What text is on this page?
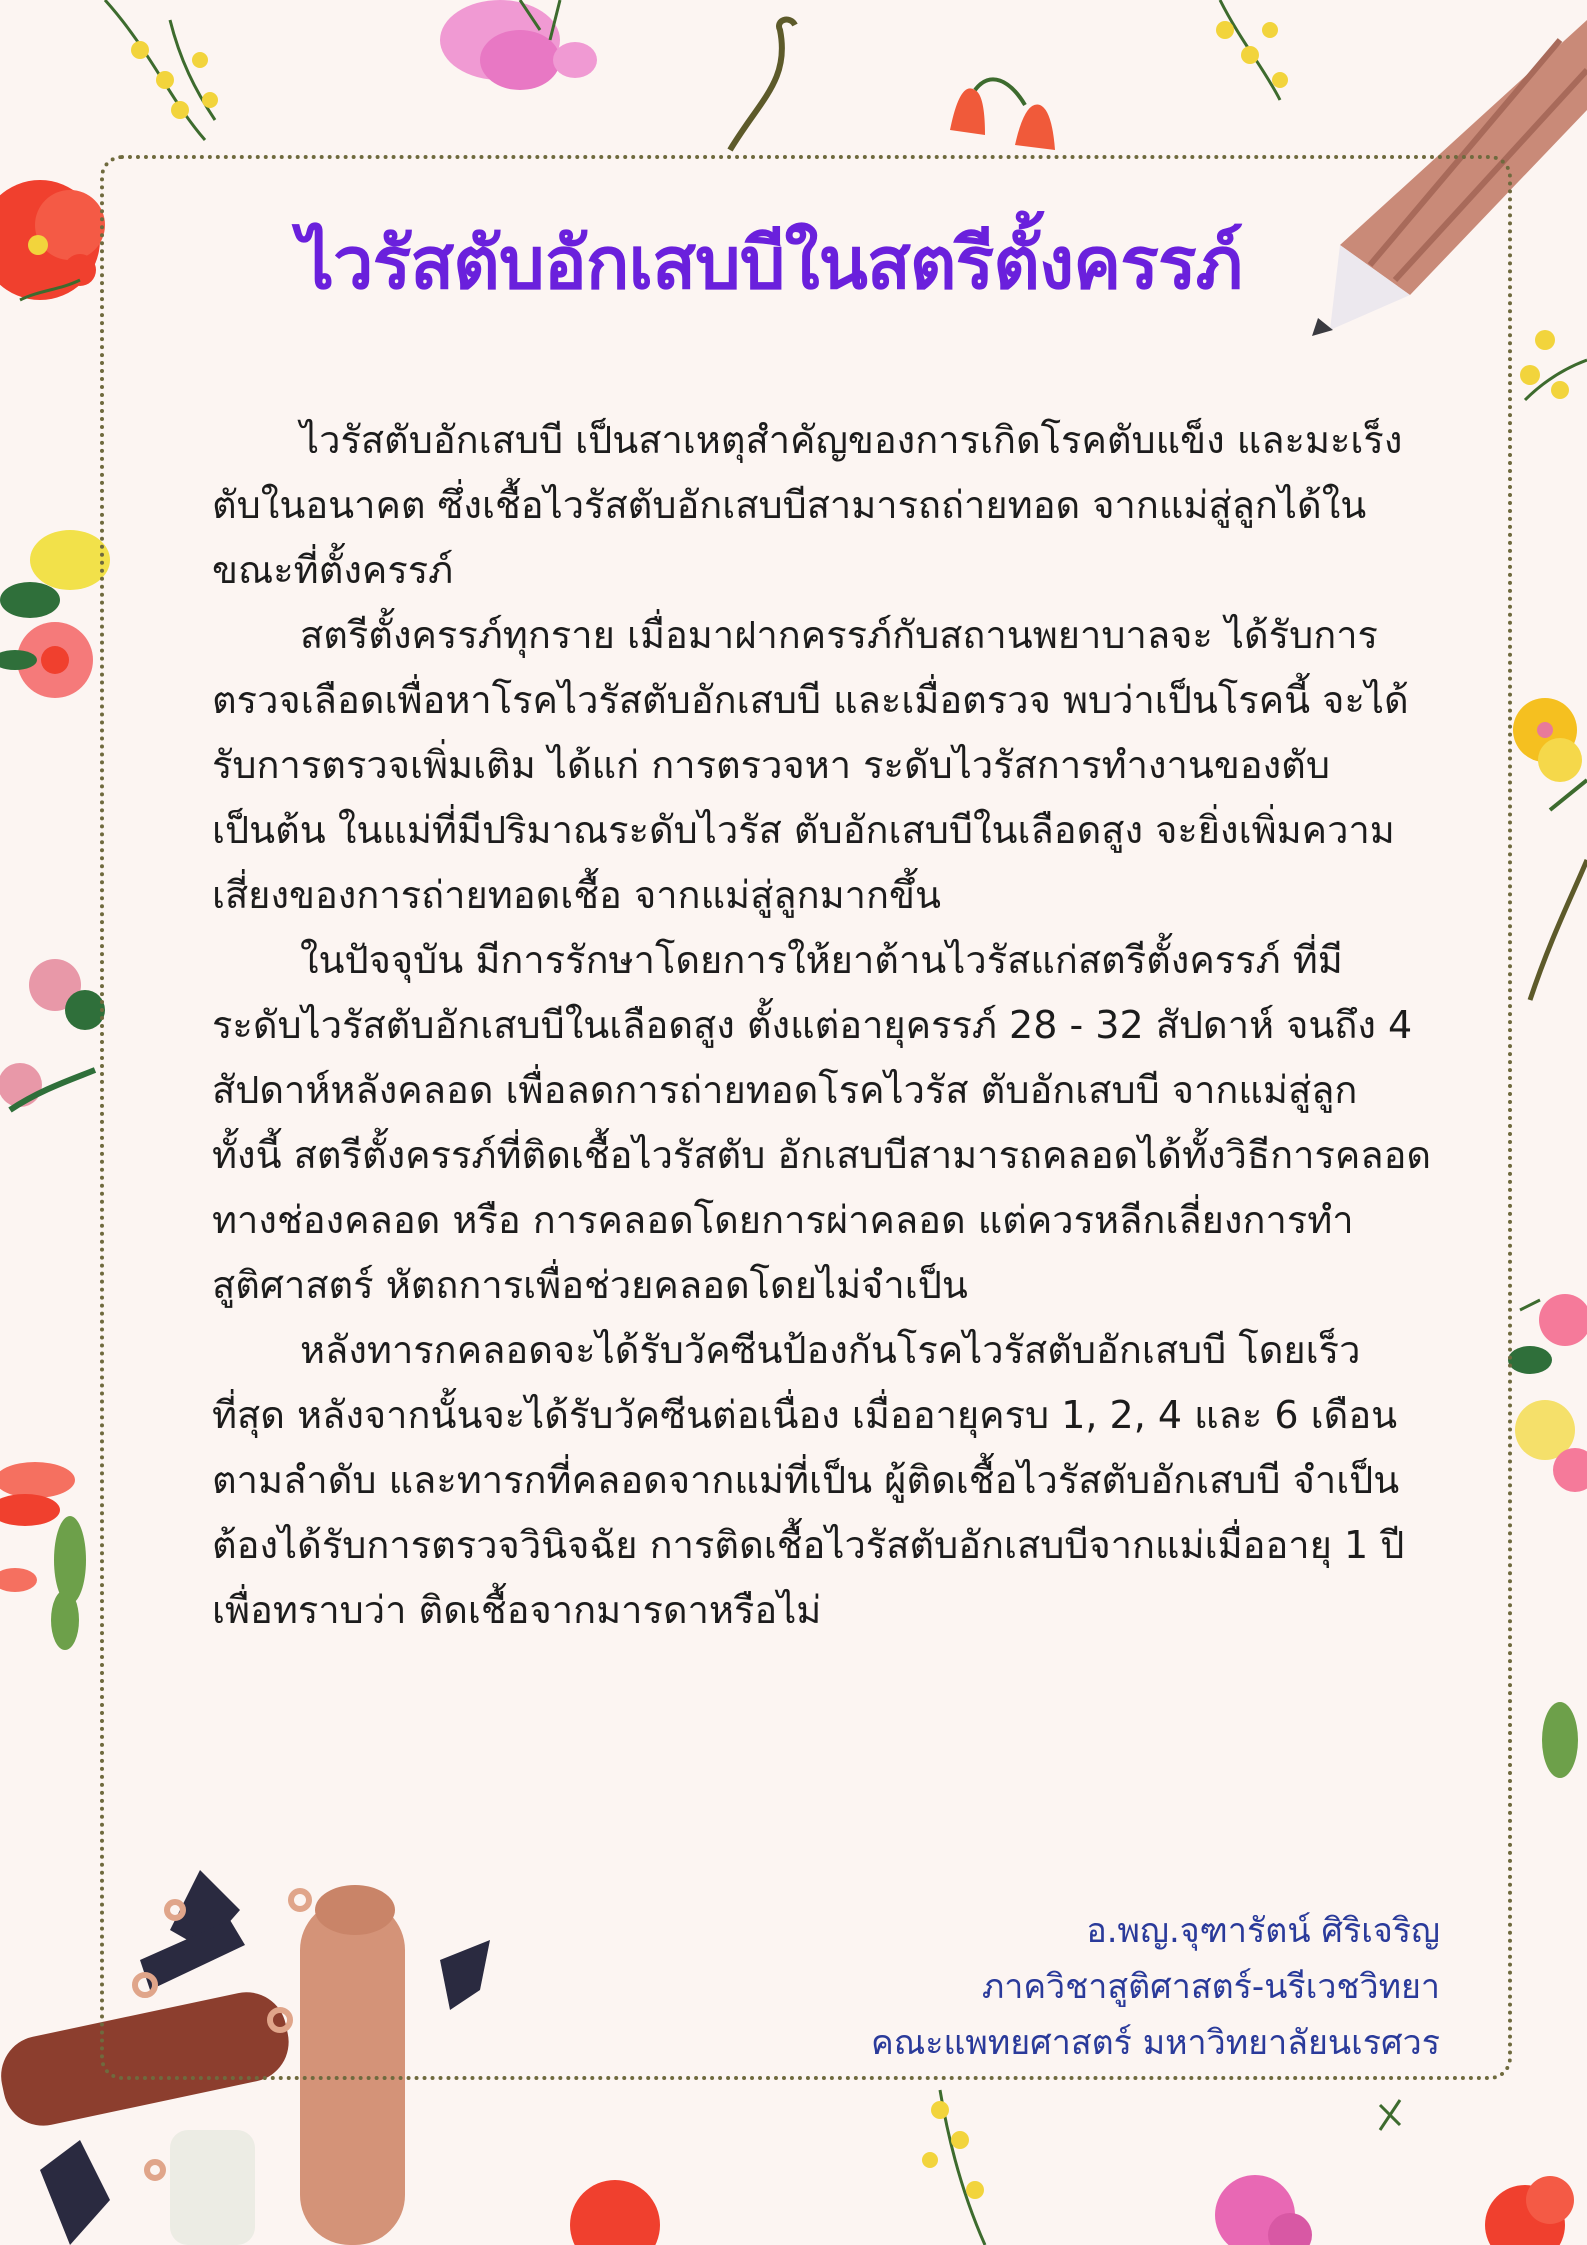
ไวรัสตับอักเสบบีในสตรีตั้งครรภ์

ไวรัสตับอักเสบบี เป็นสาเหตุสำคัญของการเกิดโรคตับแข็ง และมะเร็งตับในอนาคต ซึ่งเชื้อไวรัสตับอักเสบบีสามารถถ่ายทอด จากแม่สู่ลูกได้ในขณะที่ตั้งครรภ์

สตรีตั้งครรภ์ทุกราย เมื่อมาฝากครรภ์กับสถานพยาบาลจะ ได้รับการตรวจเลือดเพื่อหาโรคไวรัสตับอักเสบบี และเมื่อตรวจ พบว่าเป็นโรคนี้ จะได้รับการตรวจเพิ่มเติม ได้แก่ การตรวจหา ระดับไวรัสการทำงานของตับ เป็นต้น ในแม่ที่มีปริมาณระดับไวรัส ตับอักเสบบีในเลือดสูง จะยิ่งเพิ่มความเสี่ยงของการถ่ายทอดเชื้อ จากแม่สู่ลูกมากขึ้น

ในปัจจุบัน มีการรักษาโดยการให้ยาต้านไวรัสแก่สตรีตั้งครรภ์ ที่มีระดับไวรัสตับอักเสบบีในเลือดสูง ตั้งแต่อายุครรภ์ 28 - 32 สัปดาห์ จนถึง 4 สัปดาห์หลังคลอด เพื่อลดการถ่ายทอดโรคไวรัส ตับอักเสบบี จากแม่สู่ลูก ทั้งนี้ สตรีตั้งครรภ์ที่ติดเชื้อไวรัสตับ อักเสบบีสามารถคลอดได้ทั้งวิธีการคลอดทางช่องคลอด หรือ การคลอดโดยการผ่าคลอด แต่ควรหลีกเลี่ยงการทำสูติศาสตร์ หัตถการเพื่อช่วยคลอดโดยไม่จำเป็น

หลังทารกคลอดจะได้รับวัคซีนป้องกันโรคไวรัสตับอักเสบบี โดยเร็วที่สุด หลังจากนั้นจะได้รับวัคซีนต่อเนื่อง เมื่ออายุครบ 1, 2, 4 และ 6 เดือน ตามลำดับ และทารกที่คลอดจากแม่ที่เป็น ผู้ติดเชื้อไวรัสตับอักเสบบี จำเป็นต้องได้รับการตรวจวินิจฉัย การติดเชื้อไวรัสตับอักเสบบีจากแม่เมื่ออายุ 1 ปี เพื่อทราบว่า ติดเชื้อจากมารดาหรือไม่

อ.พญ.จุฑารัตน์ ศิริเจริญ
ภาควิชาสูติศาสตร์-นรีเวชวิทยา
คณะแพทยศาสตร์ มหาวิทยาลัยนเรศวร
